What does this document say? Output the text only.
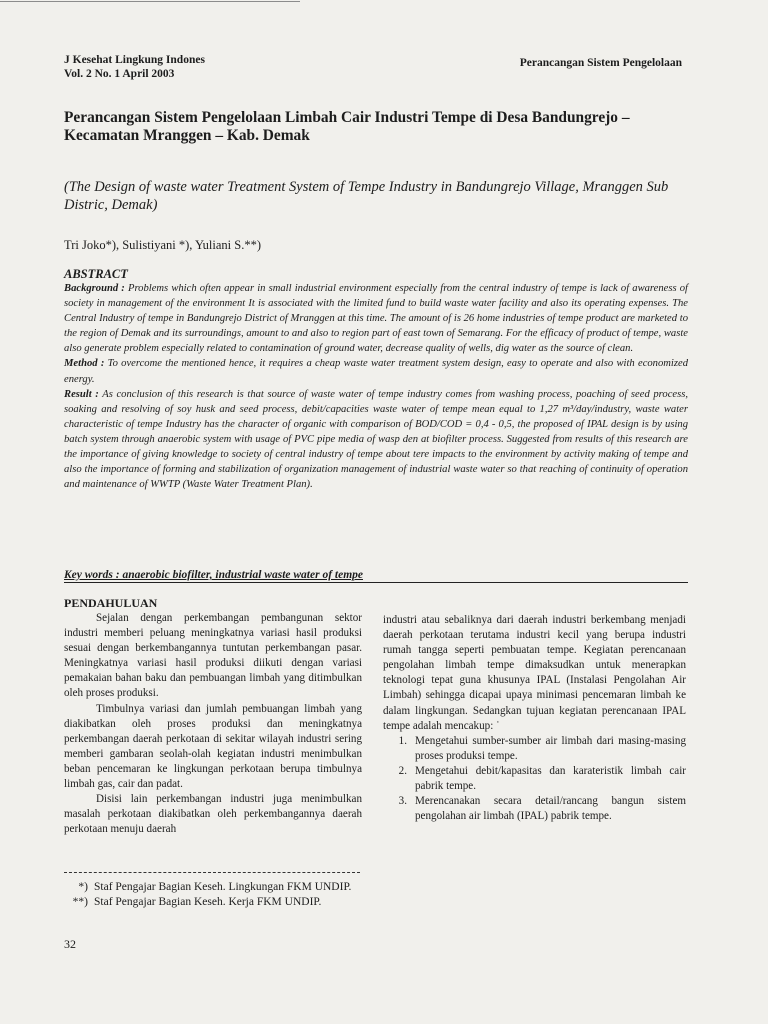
J Kesehat Lingkung Indones
Vol. 2 No. 1 April 2003
Perancangan Sistem Pengelolaan
Perancangan Sistem Pengelolaan Limbah Cair Industri Tempe di Desa Bandungrejo – Kecamatan Mranggen – Kab. Demak
(The Design of waste water Treatment System of Tempe Industry in Bandungrejo Village, Mranggen Sub Distric, Demak)
Tri Joko*), Sulistiyani *), Yuliani S.**)
ABSTRACT

Background : Problems which often appear in small industrial environment especially from the central industry of tempe is lack of awareness of society in management of the environment It is associated with the limited fund to build waste water facility and also its operating expenses. The Central Industry of tempe in Bandungrejo District of Mranggen at this time. The amount of is 26 home industries of tempe product are marketed to the region of Demak and its surroundings, amount to and also to region part of east town of Semarang. For the efficacy of product of tempe, waste also generate problem especially related to contamination of ground water, decrease quality of wells, dig water as the source of clean.

Method : To overcome the mentioned hence, it requires a cheap waste water treatment system design, easy to operate and also with economized energy.

Result : As conclusion of this research is that source of waste water of tempe industry comes from washing process, poaching of seed process, soaking and resolving of soy husk and seed process, debit/capacities waste water of tempe mean equal to 1,27 m³/day/industry, waste water characteristic of tempe Industry has the character of organic with comparison of BOD/COD = 0,4 - 0,5, the proposed of IPAL design is by using batch system through anaerobic system with usage of PVC pipe media of wasp den at biofilter process. Suggested from results of this research are the importance of giving knowledge to society of central industry of tempe about tere impacts to the environment by activity making of tempe and also the importance of forming and stabilization of organization management of industrial waste water so that reaching of continuity of operation and maintenance of WWTP (Waste Water Treatment Plan).

Key words : anaerobic biofilter, industrial waste water of tempe
PENDAHULUAN

Sejalan dengan perkembangan pembangunan sektor industri memberi peluang meningkatnya variasi hasil produksi sesuai dengan berkembangannya tuntutan perkembangan pasar. Meningkatnya variasi hasil produksi diikuti dengan variasi pemakaian bahan baku dan pembuangan limbah yang ditimbulkan oleh proses produksi.

Timbulnya variasi dan jumlah pembuangan limbah yang diakibatkan oleh proses produksi dan meningkatnya perkembangan daerah perkotaan di sekitar wilayah industri sering memberi gambaran seolah-olah kegiatan industri menimbulkan beban pencemaran ke lingkungan perkotaan berupa timbulnya limbah gas, cair dan padat.

Disisi lain perkembangan industri juga menimbulkan masalah perkotaan diakibatkan oleh perkembangannya daerah perkotaan menuju daerah

industri atau sebaliknya dari daerah industri berkembang menjadi daerah perkotaan terutama industri kecil yang berupa industri rumah tangga seperti pembuatan tempe. Kegiatan perencanaan pengolahan limbah tempe dimaksudkan untuk menerapkan teknologi tepat guna khusunya IPAL (Instalasi Pengolahan Air Limbah) sehingga dicapai upaya minimasi pencemaran limbah ke dalam lingkungan. Sedangkan tujuan kegiatan perencanaan IPAL tempe adalah mencakup: ˙

1. Mengetahui sumber-sumber air limbah dari masing-masing proses produksi tempe.
2. Mengetahui debit/kapasitas dan karateristik limbah cair pabrik tempe.
3. Merencanakan secara detail/rancang bangun sistem pengolahan air limbah (IPAL) pabrik tempe.
*) Staf Pengajar Bagian Keseh. Lingkungan FKM UNDIP.
**) Staf Pengajar Bagian Keseh. Kerja FKM UNDIP.
32
